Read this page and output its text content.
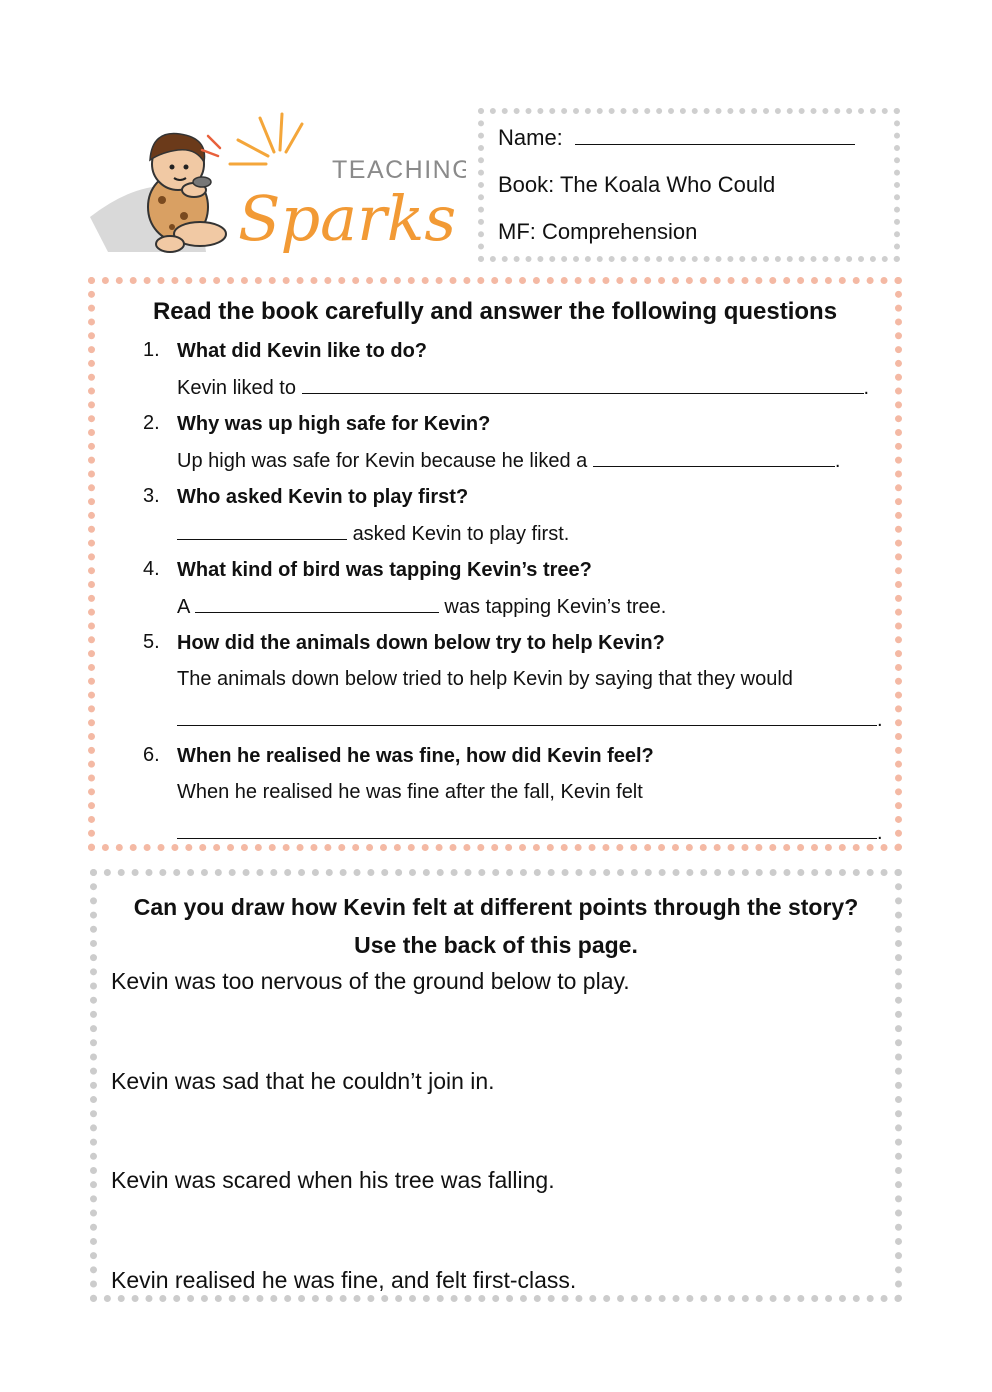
TEACHING
Sparks
Name:
Book: The Koala Who Could
MF: Comprehension
Read the book carefully and answer the following questions
1. What did Kevin like to do?
Kevin liked to	.
2. Why was up high safe for Kevin?
Up high was safe for Kevin because he liked a	.
3. Who asked Kevin to play first?
asked Kevin to play first.
4. What kind of bird was tapping Kevin’s tree?
A	was tapping Kevin’s tree.
5. How did the animals down below try to help Kevin?
The animals down below tried to help Kevin by saying that they would
.
6. When he realised he was fine, how did Kevin feel?
When he realised he was fine after the fall, Kevin felt
.
Can you draw how Kevin felt at different points through the story?
Use the back of this page.
Kevin was too nervous of the ground below to play.
Kevin was sad that he couldn’t join in.
Kevin was scared when his tree was falling.
Kevin realised he was fine, and felt first-class.
